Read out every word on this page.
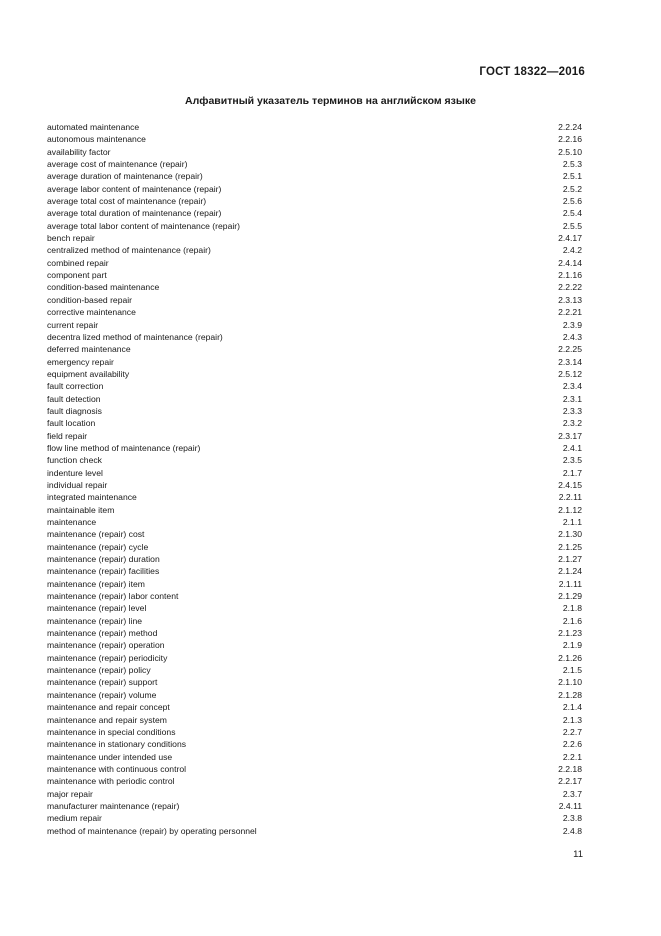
ГОСТ 18322—2016
Алфавитный указатель терминов на английском языке
automated maintenance	2.2.24
autonomous maintenance	2.2.16
availability factor	2.5.10
average cost of maintenance (repair)	2.5.3
average duration of maintenance (repair)	2.5.1
average labor content of maintenance (repair)	2.5.2
average total cost of maintenance (repair)	2.5.6
average total duration of maintenance (repair)	2.5.4
average total labor content of maintenance (repair)	2.5.5
bench repair	2.4.17
centralized method of maintenance (repair)	2.4.2
combined repair	2.4.14
component part	2.1.16
condition-based maintenance	2.2.22
condition-based repair	2.3.13
corrective maintenance	2.2.21
current repair	2.3.9
decentra lized method of maintenance (repair)	2.4.3
deferred maintenance	2.2.25
emergency repair	2.3.14
equipment availability	2.5.12
fault correction	2.3.4
fault detection	2.3.1
fault diagnosis	2.3.3
fault location	2.3.2
field repair	2.3.17
flow line method of maintenance (repair)	2.4.1
function check	2.3.5
indenture level	2.1.7
individual repair	2.4.15
integrated maintenance	2.2.11
maintainable item	2.1.12
maintenance	2.1.1
maintenance (repair) cost	2.1.30
maintenance (repair) cycle	2.1.25
maintenance (repair) duration	2.1.27
maintenance (repair) facilities	2.1.24
maintenance (repair) item	2.1.11
maintenance (repair) labor content	2.1.29
maintenance (repair) level	2.1.8
maintenance (repair) line	2.1.6
maintenance (repair) method	2.1.23
maintenance (repair) operation	2.1.9
maintenance (repair) periodicity	2.1.26
maintenance (repair) policy	2.1.5
maintenance (repair) support	2.1.10
maintenance (repair) volume	2.1.28
maintenance and repair concept	2.1.4
maintenance and repair system	2.1.3
maintenance in special conditions	2.2.7
maintenance in stationary conditions	2.2.6
maintenance under intended use	2.2.1
maintenance with continuous control	2.2.18
maintenance with periodic control	2.2.17
major repair	2.3.7
manufacturer maintenance (repair)	2.4.11
medium repair	2.3.8
method of maintenance (repair) by operating personnel	2.4.8
11
